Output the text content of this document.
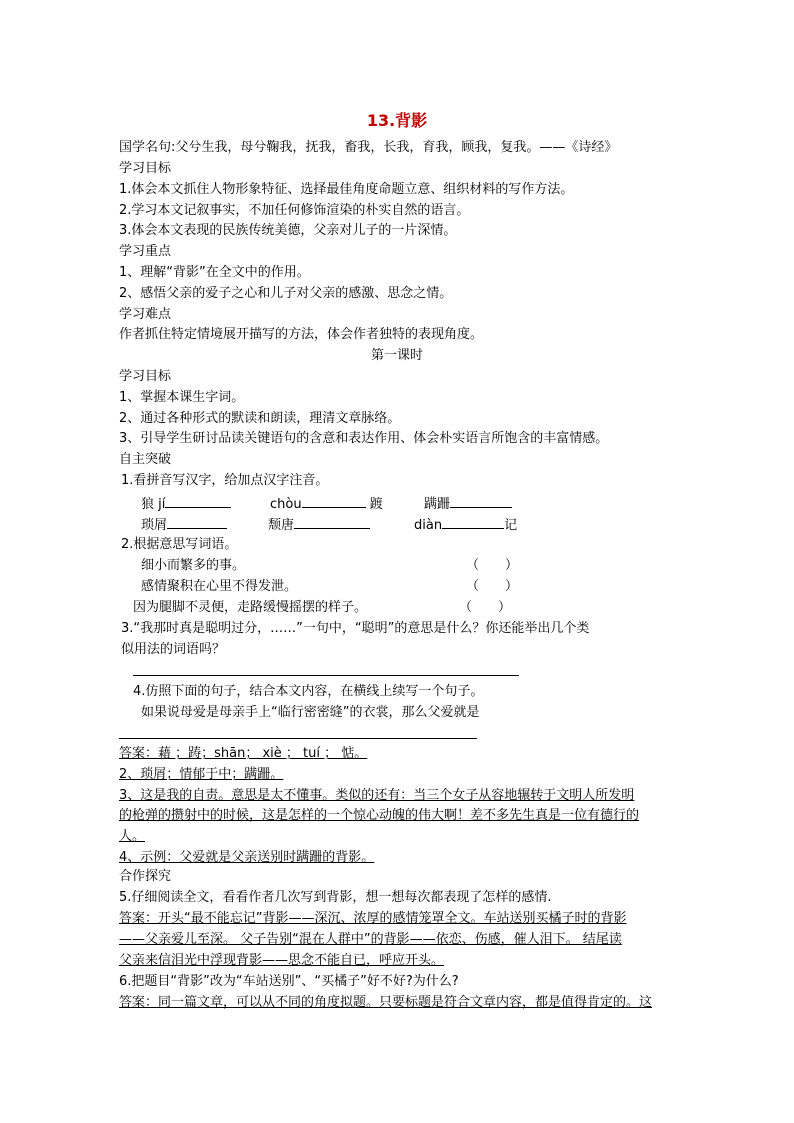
13.背影
国学名句:父兮生我，母兮鞠我，抚我，畜我，长我，育我，顾我，复我。——《诗经》
学习目标
1.体会本文抓住人物形象特征、选择最佳角度命题立意、组织材料的写作方法。
2.学习本文记叙事实，不加任何修饰渲染的朴实自然的语言。
3.体会本文表现的民族传统美德，父亲对儿子的一片深情。
学习重点
1、理解“背影”在全文中的作用。
2、感悟父亲的爱子之心和儿子对父亲的感激、思念之情。
学习难点
作者抓住特定情境展开描写的方法，体会作者独特的表现角度。
第一课时
学习目标
1、掌握本课生字词。
2、通过各种形式的默读和朗读，理清文章脉络。
3、引导学生研讨品读关键语句的含意和表达作用、体会朴实语言所饱含的丰富情感。
自主突破
1.看拼音写汉字，给加点汉字注音。
狼 jí	chòu	踱	蹒跚
琐屑	颓唐	diàn	记
2.根据意思写词语。
细小而繁多的事。	（　　）
感情聚积在心里不得发泄。	（　　）
因为腿脚不灵便，走路缓慢摇摆的样子。	（　　）
3.“我那时真是聪明过分，……”一句中，“聪明”的意思是什么？你还能举出几个类
似用法的词语吗？
4.仿照下面的句子，结合本文内容，在横线上续写一个句子。
如果说母爱是母亲手上“临行密密缝”的衣裳，那么父爱就是
答案：藉 ；踌；shān； xiè ； tuí ； 惦。
2、琐屑；情郁于中；蹒跚。
3、这是我的自责。意思是太不懂事。类似的还有：当三个女子从容地辗转于文明人所发明
的枪弹的攒射中的时候，这是怎样的一个惊心动魄的伟大啊！差不多先生真是一位有德行的
人。
4、示例：父爱就是父亲送别时蹒跚的背影。
合作探究
5.仔细阅读全文，看看作者几次写到背影，想一想每次都表现了怎样的感情.
答案：开头“最不能忘记”背影——深沉、浓厚的感情笼罩全文。车站送别买橘子时的背影
——父亲爱儿至深。 父子告别“混在人群中”的背影——依恋、伤感，催人泪下。 结尾读
父亲来信泪光中浮现背影——思念不能自已，呼应开头。
6.把题目“背影”改为“车站送别”、“买橘子”好不好?为什么?
答案：同一篇文章，可以从不同的角度拟题。只要标题是符合文章内容，都是值得肯定的。这
